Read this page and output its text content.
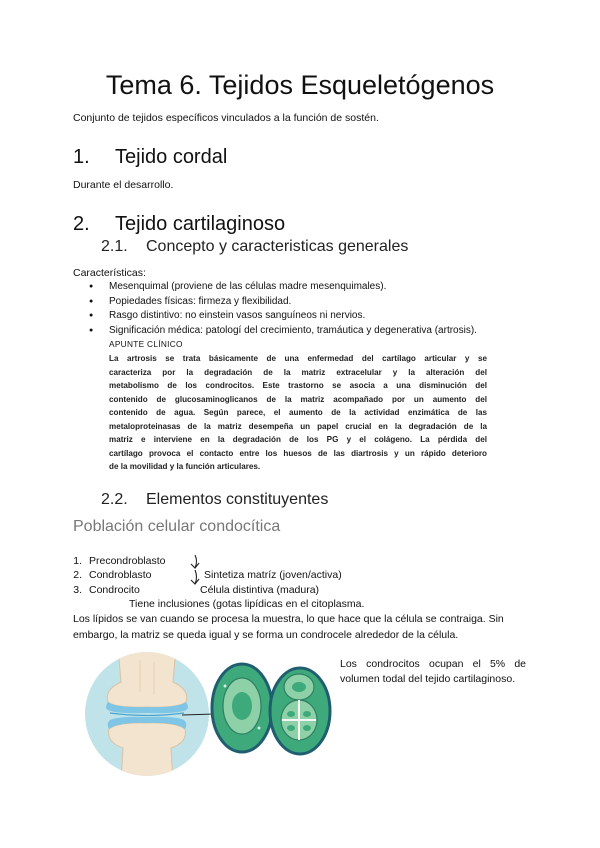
Tema 6. Tejidos Esqueletógenos
Conjunto de tejidos específicos vinculados a la función de sostén.
1. Tejido cordal
Durante el desarrollo.
2. Tejido cartilaginoso
2.1. Concepto y caracteristicas generales
Características:
● Mesenquimal (proviene de las células madre mesenquimales).
● Popiedades físicas: firmeza y flexibilidad.
● Rasgo distintivo: no einstein vasos sanguíneos ni nervios.
● Significación médica: patologí del crecimiento, tramáutica y degenerativa (artrosis).
APUNTE CLÍNICO
La artrosis se trata básicamente de una enfermedad del cartílago articular y se
caracteriza por la degradación de la matriz extracelular y la alteración del
metabolismo de los condrocitos. Este trastorno se asocia a una disminución del
contenido de glucosaminoglicanos de la matriz acompañado por un aumento del
contenido de agua. Según parece, el aumento de la actividad enzimática de las
metaloproteinasas de la matriz desempeña un papel crucial en la degradación de la
matriz e interviene en la degradación de los PG y el colágeno. La pérdida del
cartílago provoca el contacto entre los huesos de las diartrosis y un rápido deterioro
de la movilidad y la función articulares.
2.2. Elementos constituyentes
Población celular condocítica
1. Precondroblasto
2. Condroblasto	Sintetiza matríz (joven/activa)
3. Condrocito	Célula distintiva (madura)
Tiene inclusiones (gotas lipídicas en el citoplasma.
Los lípidos se van cuando se procesa la muestra, lo que hace que la célula se contraiga. Sin
embargo, la matriz se queda igual y se forma un condrocele alrededor de la célula.
Los condrocitos ocupan el 5% de
volumen todal del tejido cartilaginoso.
